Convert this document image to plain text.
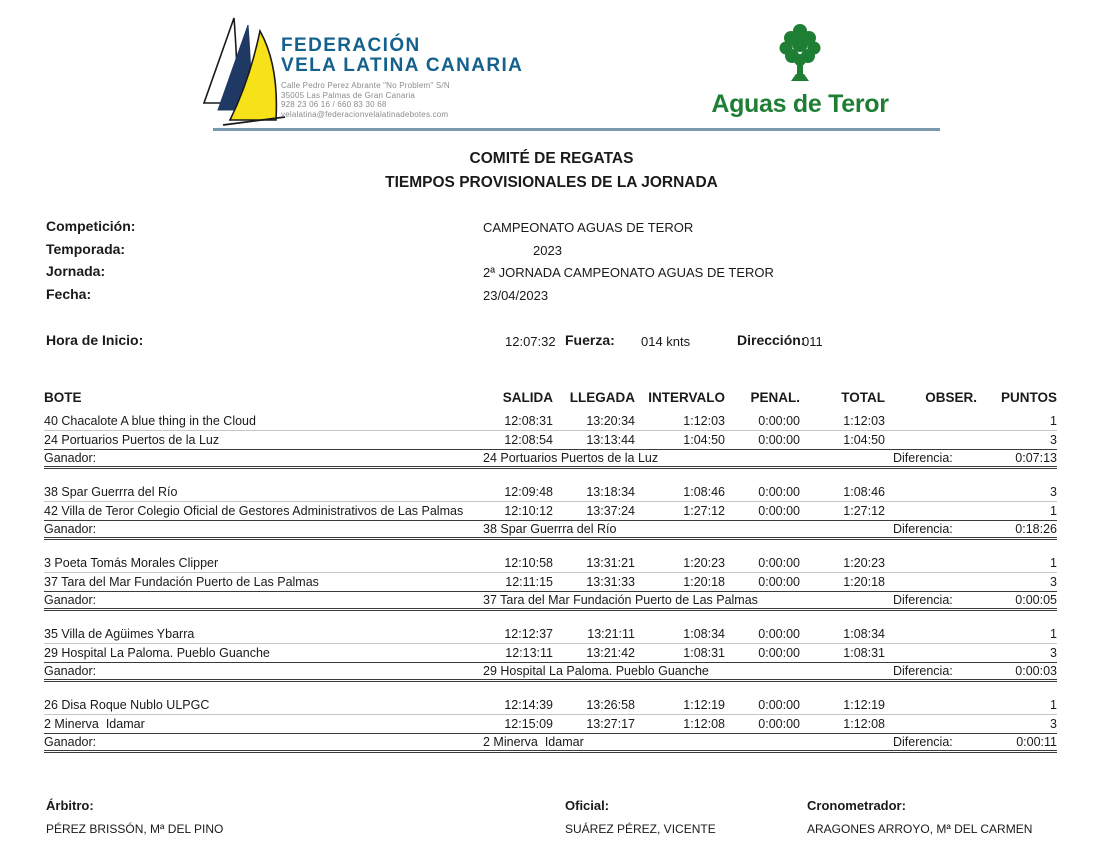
FEDERACIÓN
VELA LATINA CANARIA
Calle Pedro Perez Abrante "No Problem" S/N
35005 Las Palmas de Gran Canaria
928 23 06 16 / 660 83 30 68
velalatina@federacionvelalatinadebotes.com	Aguas de Teror
COMITÉ DE REGATAS
TIEMPOS PROVISIONALES DE LA JORNADA
Competición:	CAMPEONATO AGUAS DE TEROR
Temporada:	2023
Jornada:	2ª JORNADA CAMPEONATO AGUAS DE TEROR
Fecha:	23/04/2023
Hora de Inicio:	12:07:32 Fuerza: 014 knts	Dirección:
011
BOTE	SALIDA	LLEGADA INTERVALO	PENAL.	TOTAL	OBSER.	PUNTOS
40 Chacalote A blue thing in the Cloud	12:08:31	13:20:34	1:12:03	0:00:00	1:12:03	1
24 Portuarios Puertos de la Luz	12:08:54	13:13:44	1:04:50	0:00:00	1:04:50	3
Ganador:	24 Portuarios Puertos de la Luz	Diferencia:	0:07:13
38 Spar Guerrra del Río	12:09:48	13:18:34	1:08:46	0:00:00	1:08:46	3
42 Villa de Teror Colegio Oficial de Gestores Administrativos de Las Palmas	12:10:12	13:37:24	1:27:12	0:00:00	1:27:12	1
Ganador:	38 Spar Guerrra del Río	Diferencia:	0:18:26
3 Poeta Tomás Morales Clipper	12:10:58	13:31:21	1:20:23	0:00:00	1:20:23	1
37 Tara del Mar Fundación Puerto de Las Palmas	12:11:15	13:31:33	1:20:18	0:00:00	1:20:18	3
Ganador:	37 Tara del Mar Fundación Puerto de Las Palmas	Diferencia:	0:00:05
35 Villa de Agüimes Ybarra	12:12:37	13:21:11	1:08:34	0:00:00	1:08:34	1
29 Hospital La Paloma. Pueblo Guanche	12:13:11	13:21:42	1:08:31	0:00:00	1:08:31	3
Ganador:	29 Hospital La Paloma. Pueblo Guanche	Diferencia:	0:00:03
26 Disa Roque Nublo ULPGC	12:14:39	13:26:58	1:12:19	0:00:00	1:12:19	1
2 Minerva  Idamar	12:15:09	13:27:17	1:12:08	0:00:00	1:12:08	3
Ganador:	2 Minerva  Idamar	Diferencia:	0:00:11
Árbitro:
PÉREZ BRISSÓN, Mª DEL PINO
Oficial:
SUÁREZ PÉREZ, VICENTE
Cronometrador:
ARAGONES ARROYO, Mª DEL CARMEN
